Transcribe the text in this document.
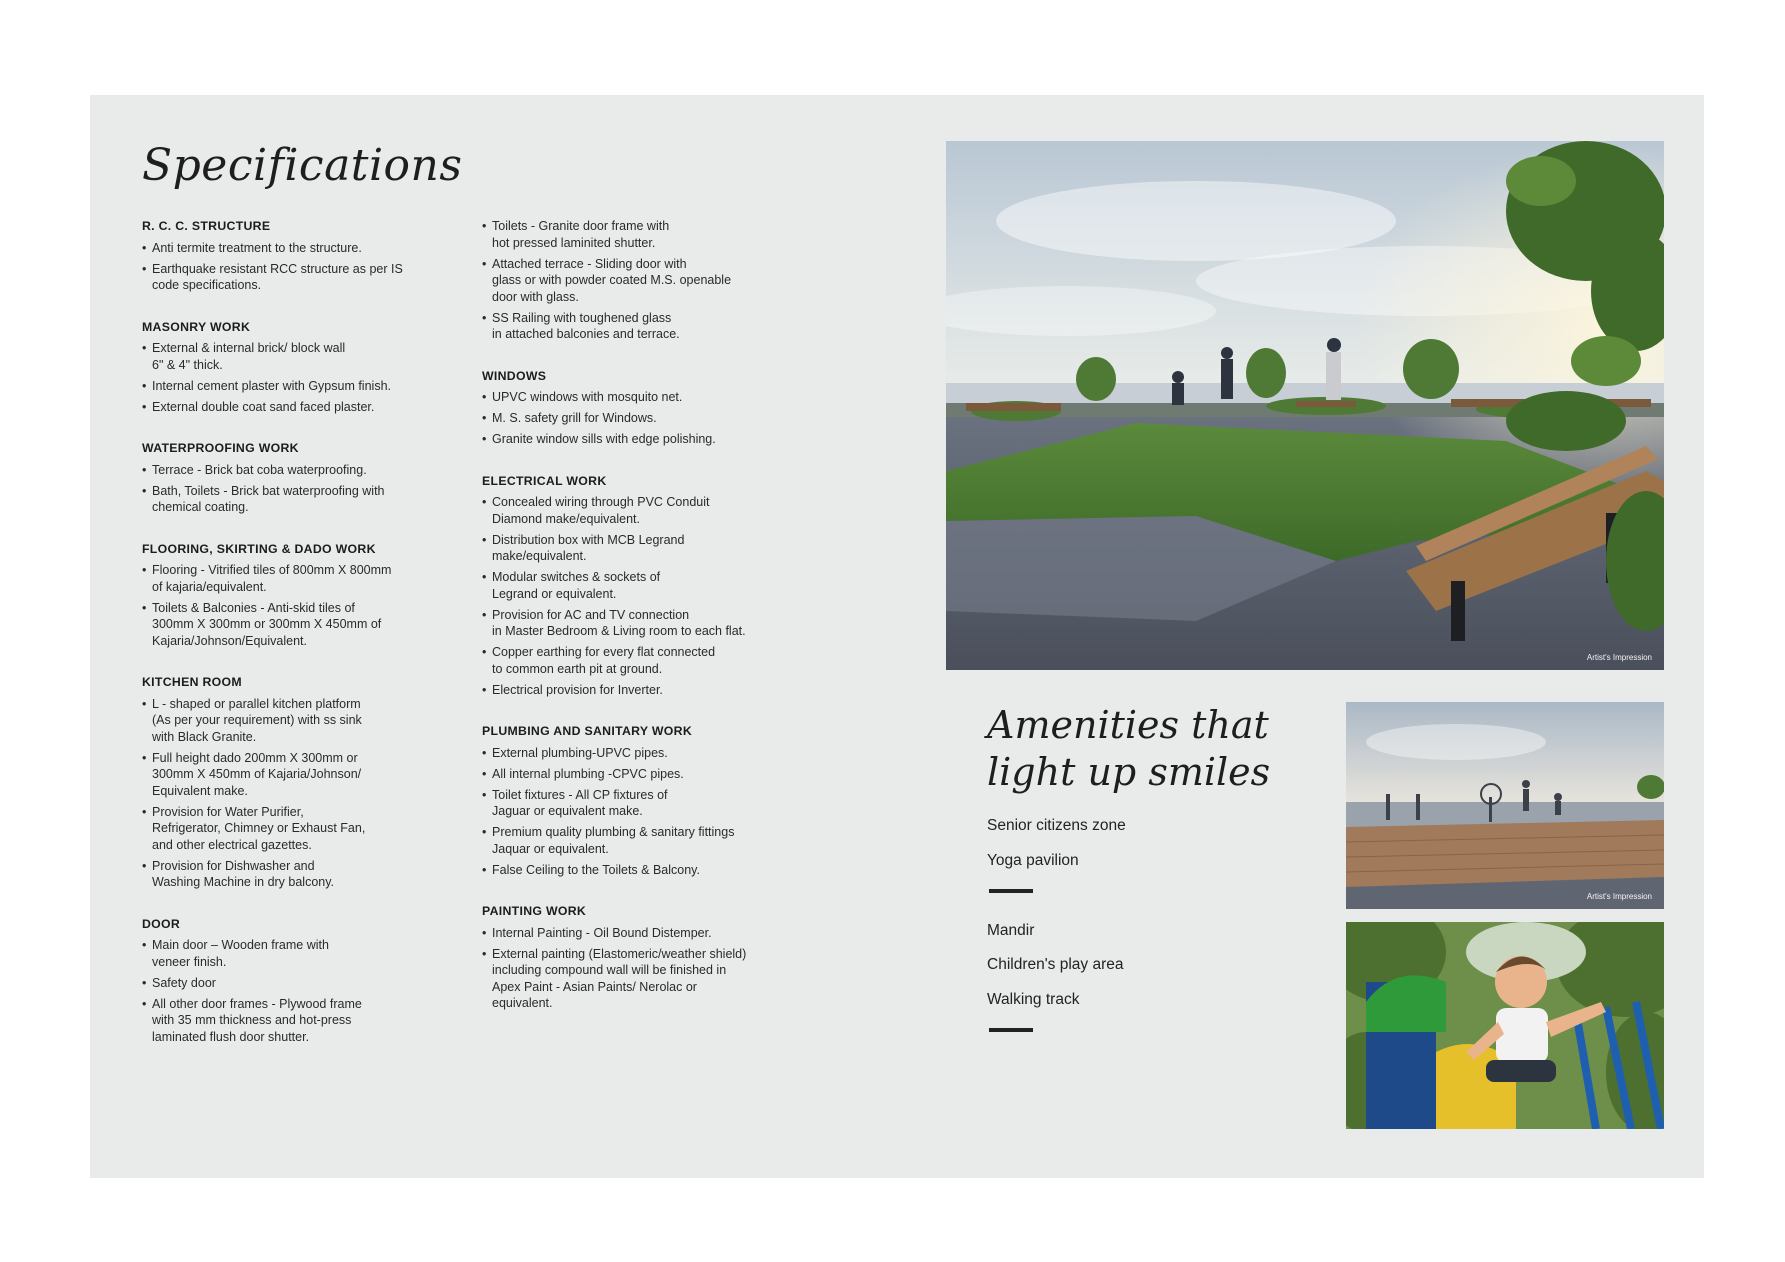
Specifications
R. C. C. STRUCTURE
• Anti termite treatment to the structure.
• Earthquake resistant RCC structure as per IS
code specifications.
MASONRY WORK
• External & internal brick/ block wall
6" & 4" thick.
• Internal cement plaster with Gypsum finish.
• External double coat sand faced plaster.
WATERPROOFING WORK
• Terrace - Brick bat coba waterproofing.
• Bath, Toilets - Brick bat waterproofing with
chemical coating.
FLOORING, SKIRTING & DADO WORK
• Flooring - Vitrified tiles of 800mm X 800mm
of kajaria/equivalent.
• Toilets & Balconies - Anti-skid tiles of
300mm X 300mm or 300mm X 450mm of
Kajaria/Johnson/Equivalent.
KITCHEN ROOM
• L - shaped or parallel kitchen platform
(As per your requirement) with ss sink
with Black Granite.
• Full height dado 200mm X 300mm or
300mm X 450mm of Kajaria/Johnson/
Equivalent make.
• Provision for Water Purifier,
Refrigerator, Chimney or Exhaust Fan,
and other electrical gazettes.
• Provision for Dishwasher and
Washing Machine in dry balcony.
DOOR
• Main door – Wooden frame with
veneer finish.
• Safety door
• All other door frames - Plywood frame
with 35 mm thickness and hot-press
laminated flush door shutter.
• Toilets - Granite door frame with
hot pressed laminited shutter.
• Attached terrace - Sliding door with
glass or with powder coated M.S. openable
door with glass.
• SS Railing with toughened glass
in attached balconies and terrace.
WINDOWS
• UPVC windows with mosquito net.
• M. S. safety grill for Windows.
• Granite window sills with edge polishing.
ELECTRICAL WORK
• Concealed wiring through PVC Conduit
Diamond make/equivalent.
• Distribution box with MCB Legrand
make/equivalent.
• Modular switches & sockets of
Legrand or equivalent.
• Provision for AC and TV connection
in Master Bedroom & Living room to each flat.
• Copper earthing for every flat connected
to common earth pit at ground.
• Electrical provision for Inverter.
PLUMBING AND SANITARY WORK
• External plumbing-UPVC pipes.
• All internal plumbing -CPVC pipes.
• Toilet fixtures - All CP fixtures of
Jaguar or equivalent make.
• Premium quality plumbing & sanitary fittings
Jaquar or equivalent.
• False Ceiling to the Toilets & Balcony.
PAINTING WORK
• Internal Painting - Oil Bound Distemper.
• External painting (Elastomeric/weather shield)
including compound wall will be finished in
Apex Paint - Asian Paints/ Nerolac or
equivalent.
Artist's Impression
Amenities that
light up smiles
Senior citizens zone
Yoga pavilion
Mandir
Children's play area
Walking track
Artist's Impression
